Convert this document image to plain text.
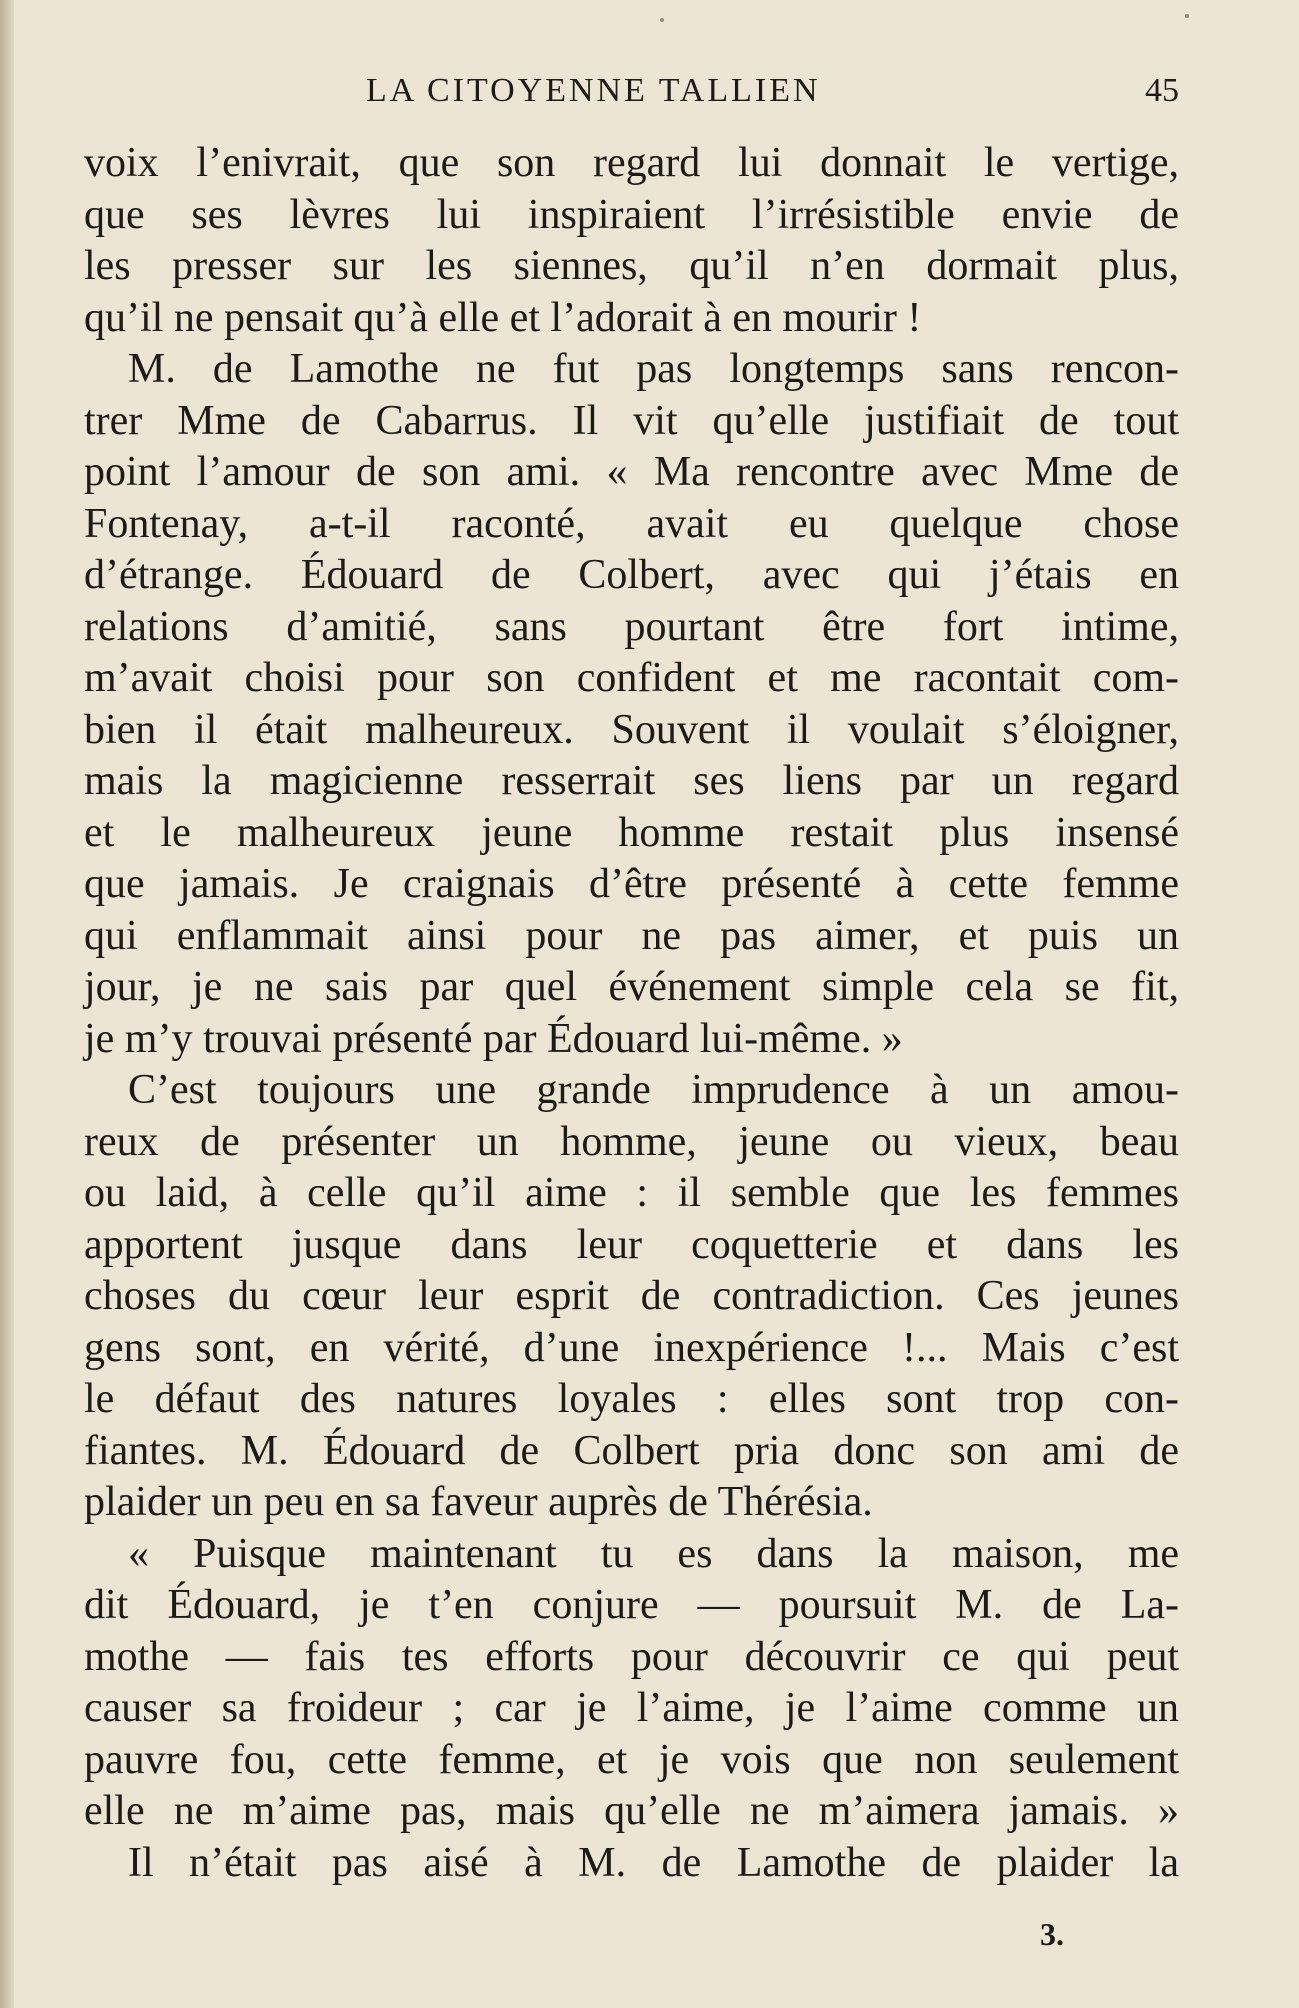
LA CITOYENNE TALLIEN	45
voix l’enivrait, que son regard lui donnait le vertige,
que ses lèvres lui inspiraient l’irrésistible envie de
les presser sur les siennes, qu’il n’en dormait plus,
qu’il ne pensait qu’à elle et l’adorait à en mourir !
M. de Lamothe ne fut pas longtemps sans rencon-
trer Mme de Cabarrus. Il vit qu’elle justifiait de tout
point l’amour de son ami. « Ma rencontre avec Mme de
Fontenay, a-t-il raconté, avait eu quelque chose
d’étrange. Édouard de Colbert, avec qui j’étais en
relations d’amitié, sans pourtant être fort intime,
m’avait choisi pour son confident et me racontait com-
bien il était malheureux. Souvent il voulait s’éloigner,
mais la magicienne resserrait ses liens par un regard
et le malheureux jeune homme restait plus insensé
que jamais. Je craignais d’être présenté à cette femme
qui enflammait ainsi pour ne pas aimer, et puis un
jour, je ne sais par quel événement simple cela se fit,
je m’y trouvai présenté par Édouard lui-même. »
C’est toujours une grande imprudence à un amou-
reux de présenter un homme, jeune ou vieux, beau
ou laid, à celle qu’il aime : il semble que les femmes
apportent jusque dans leur coquetterie et dans les
choses du cœur leur esprit de contradiction. Ces jeunes
gens sont, en vérité, d’une inexpérience !... Mais c’est
le défaut des natures loyales : elles sont trop con-
fiantes. M. Édouard de Colbert pria donc son ami de
plaider un peu en sa faveur auprès de Thérésia.
« Puisque maintenant tu es dans la maison, me
dit Édouard, je t’en conjure — poursuit M. de La-
mothe — fais tes efforts pour découvrir ce qui peut
causer sa froideur ; car je l’aime, je l’aime comme un
pauvre fou, cette femme, et je vois que non seulement
elle ne m’aime pas, mais qu’elle ne m’aimera jamais. »
Il n’était pas aisé à M. de Lamothe de plaider la
3.
